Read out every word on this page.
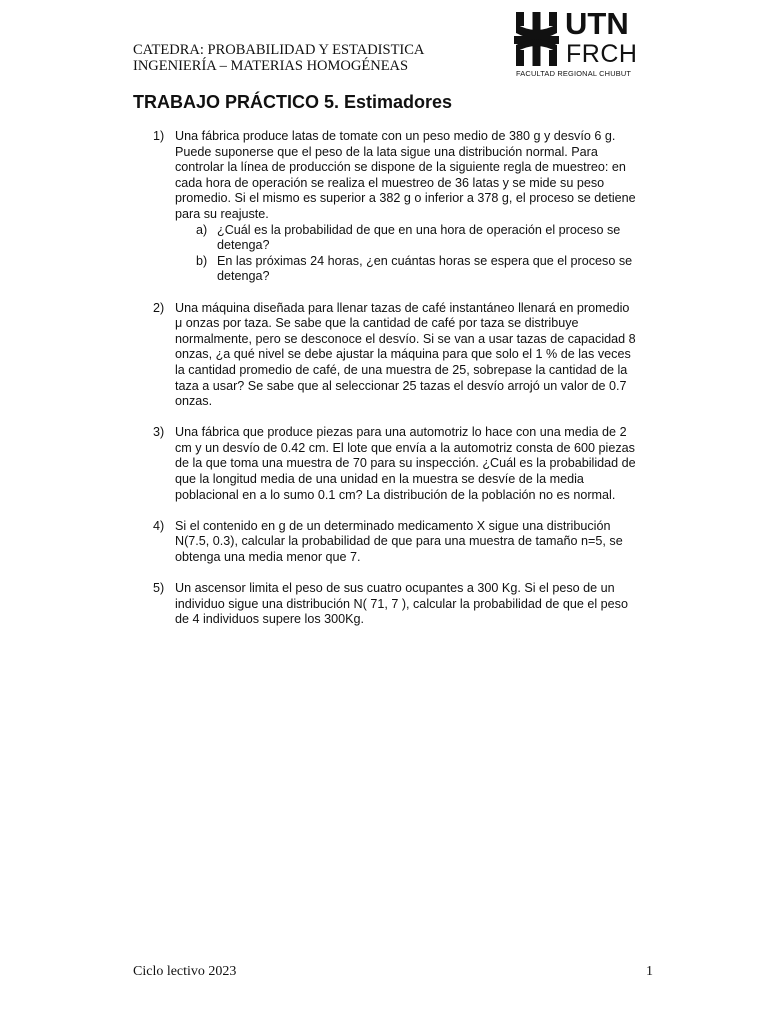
CATEDRA: PROBABILIDAD Y ESTADISTICA
INGENIERÍA – MATERIAS HOMOGÉNEAS
UTN
FRCH
FACULTAD REGIONAL CHUBUT
TRABAJO PRÁCTICO 5. Estimadores
1) Una fábrica produce latas de tomate con un peso medio de 380 g y desvío 6 g. Puede suponerse que el peso de la lata sigue una distribución normal. Para controlar la línea de producción se dispone de la siguiente regla de muestreo: en cada hora de operación se realiza el muestreo de 36 latas y se mide su peso promedio. Si el mismo es superior a 382 g o inferior a 378 g, el proceso se detiene para su reajuste.
a) ¿Cuál es la probabilidad de que en una hora de operación el proceso se detenga?
b) En las próximas 24 horas, ¿en cuántas horas se espera que el proceso se detenga?
2) Una máquina diseñada para llenar tazas de café instantáneo llenará en promedio μ onzas por taza. Se sabe que la cantidad de café por taza se distribuye normalmente, pero se desconoce el desvío. Si se van a usar tazas de capacidad 8 onzas, ¿a qué nivel se debe ajustar la máquina para que solo el 1 % de las veces la cantidad promedio de café, de una muestra de 25, sobrepase la cantidad de la taza a usar? Se sabe que al seleccionar 25 tazas el desvío arrojó un valor de 0.7 onzas.
3) Una fábrica que produce piezas para una automotriz lo hace con una media de 2 cm y un desvío de 0.42 cm. El lote que envía a la automotriz consta de 600 piezas de la que toma una muestra de 70 para su inspección. ¿Cuál es la probabilidad de que la longitud media de una unidad en la muestra se desvíe de la media poblacional en a lo sumo 0.1 cm? La distribución de la población no es normal.
4) Si el contenido en g de un determinado medicamento X sigue una distribución N(7.5, 0.3), calcular la probabilidad de que para una muestra de tamaño n=5, se obtenga una media menor que 7.
5) Un ascensor limita el peso de sus cuatro ocupantes a 300 Kg. Si el peso de un individuo sigue una distribución N( 71, 7 ), calcular la probabilidad de que el peso de 4 individuos supere los 300Kg.
Ciclo lectivo 2023	1
